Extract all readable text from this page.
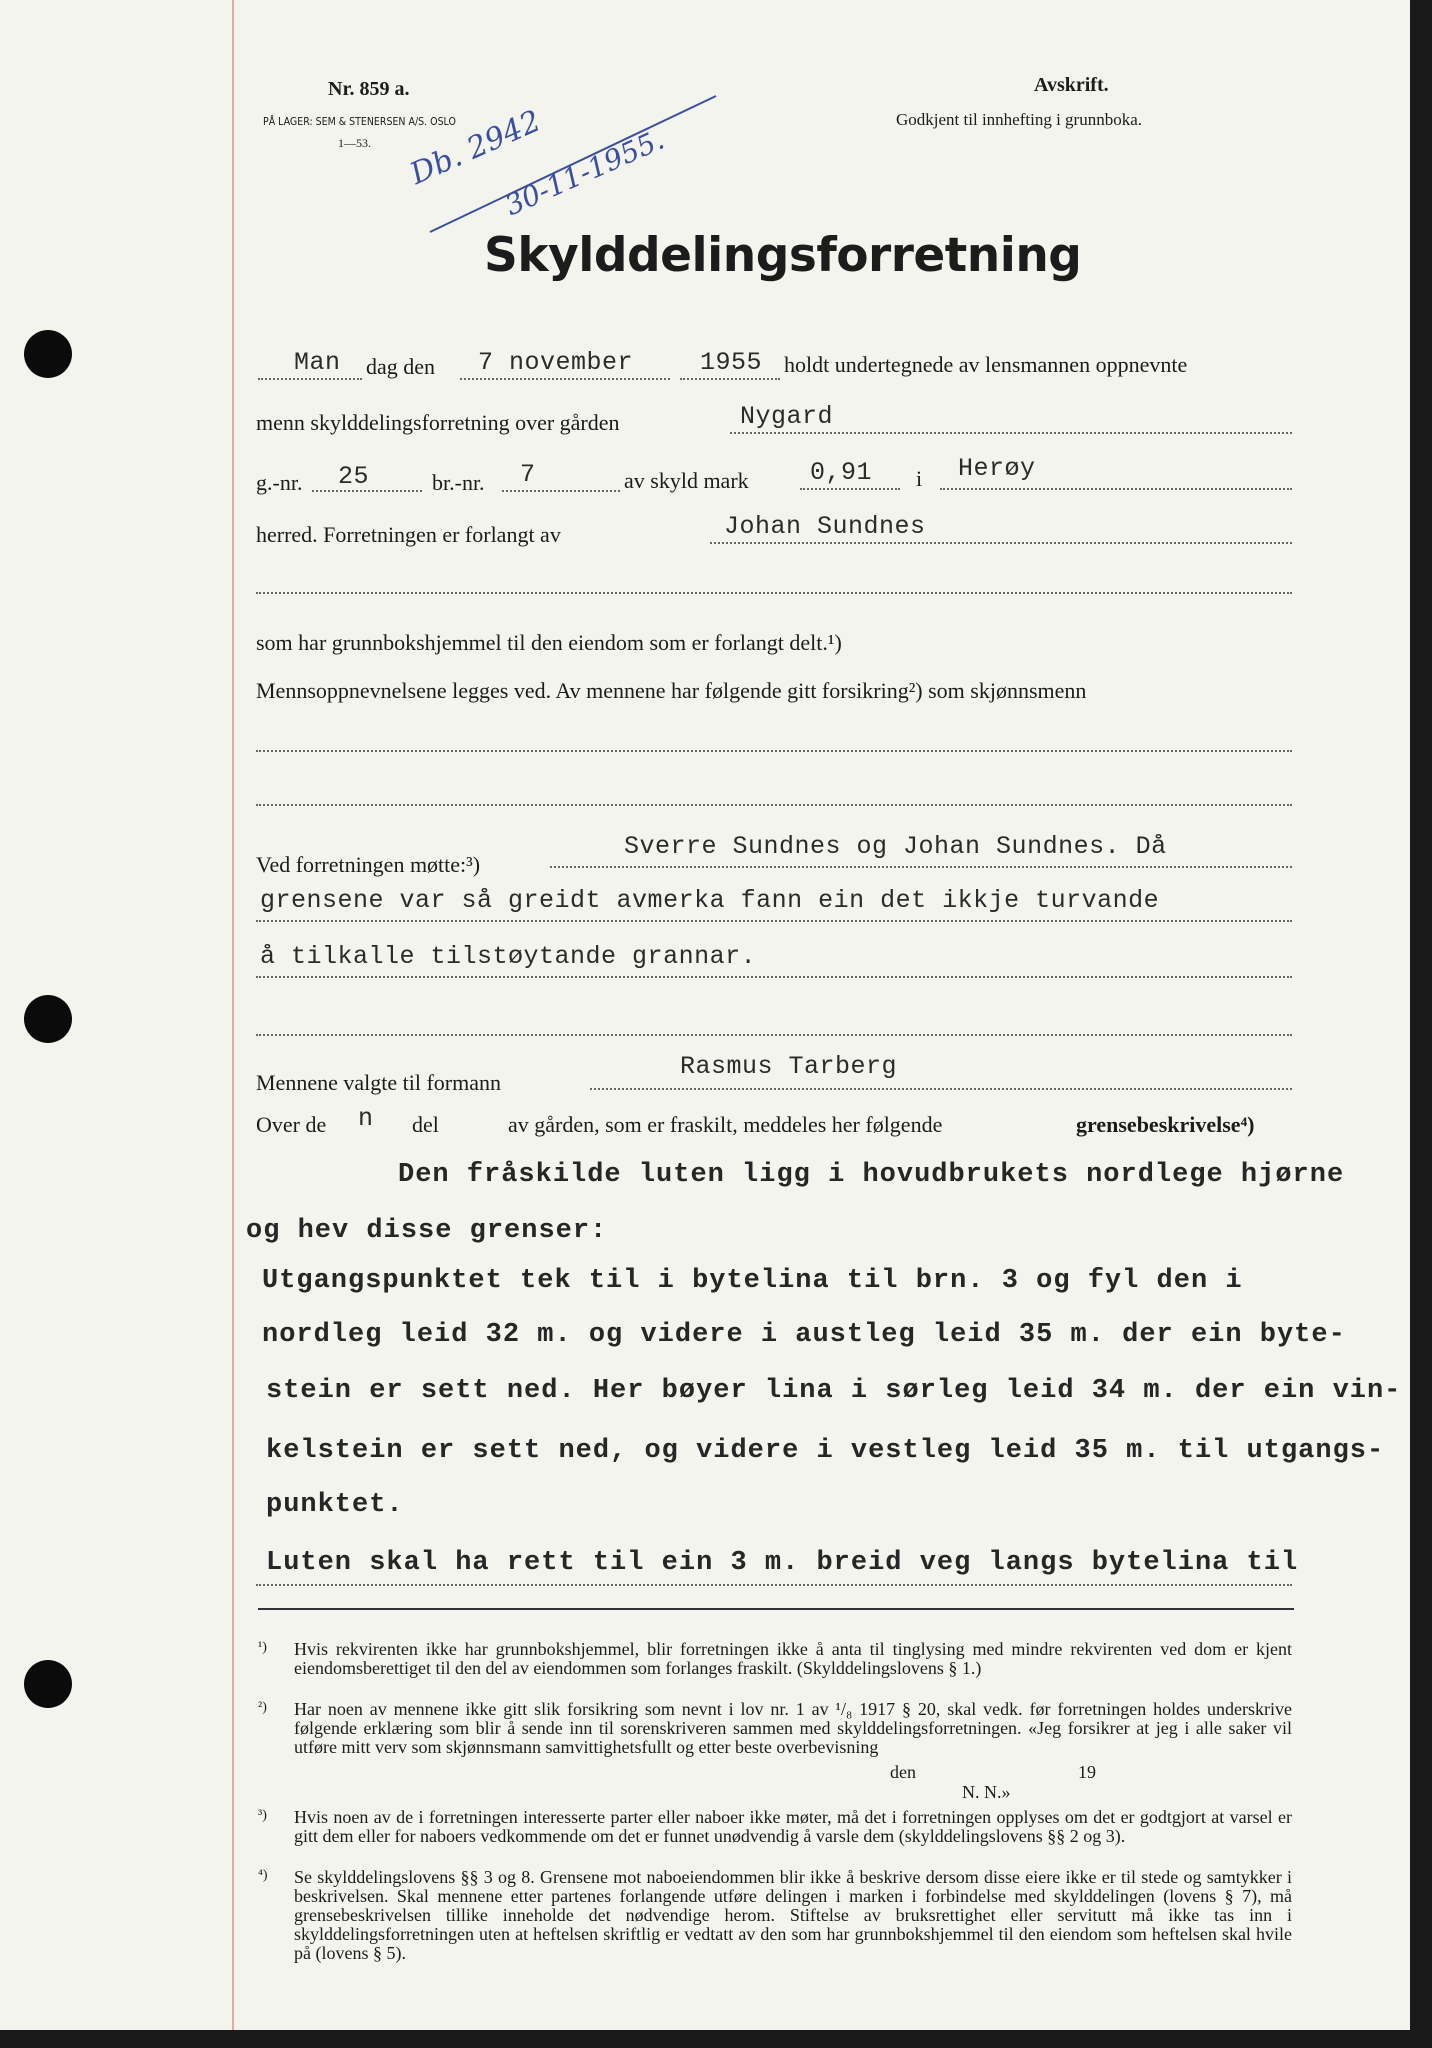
Nr. 859 a.
PÅ LAGER: SEM & STENERSEN A/S. OSLO
1—53.
Avskrift.
Godkjent til innhefting i grunnboka.
Db. 2942
30-11-1955.
Skylddelingsforretning
Man dag den 7 november	1955 holdt undertegnede av lensmannen oppnevnte
menn skylddelingsforretning over gården	Nygard
g.-nr. 25	br.-nr. 7	av skyld mark 0,91 i Herøy
herred. Forretningen er forlangt av	Johan Sundnes
som har grunnbokshjemmel til den eiendom som er forlangt delt.¹)
Mennsoppnevnelsene legges ved. Av mennene har følgende gitt forsikring²) som skjønnsmenn
Ved forretningen møtte:³)
Sverre Sundnes og Johan Sundnes. Då
grensene var så greidt avmerka fann ein det ikkje turvande
å tilkalle tilstøytande grannar.
Mennene valgte til formann
Rasmus Tarberg
Over de n del	av gården, som er fraskilt, meddeles her følgende	grensebeskrivelse⁴)
Den fråskilde luten ligg i hovudbrukets nordlege hjørne
og hev disse grenser:
Utgangspunktet tek til i bytelina til brn. 3 og fyl den i
nordleg leid 32 m. og videre i austleg leid 35 m. der ein byte-
stein er sett ned. Her bøyer lina i sørleg leid 34 m. der ein vin-
kelstein er sett ned, og videre i vestleg leid 35 m. til utgangs-
punktet.
Luten skal ha rett til ein 3 m. breid veg langs bytelina til
¹) Hvis rekvirenten ikke har grunnbokshjemmel, blir forretningen ikke å anta til tinglysing med mindre rekvirenten ved dom er kjent eiendomsberettiget til den del av eiendommen som forlanges fraskilt. (Skylddelingslovens § 1.)
²) Har noen av mennene ikke gitt slik forsikring som nevnt i lov nr. 1 av ¹/₈ 1917 § 20, skal vedk. før forretningen holdes underskrive følgende erklæring som blir å sende inn til sorenskriveren sammen med skylddelingsforretningen. «Jeg forsikrer at jeg i alle saker vil utføre mitt verv som skjønnsmann samvittighetsfullt og etter beste overbevisning
den	19
N. N.»
³) Hvis noen av de i forretningen interesserte parter eller naboer ikke møter, må det i forretningen opplyses om det er godtgjort at varsel er gitt dem eller for naboers vedkommende om det er funnet unødvendig å varsle dem (skylddelingslovens §§ 2 og 3).
⁴) Se skylddelingslovens §§ 3 og 8. Grensene mot naboeiendommen blir ikke å beskrive dersom disse eiere ikke er til stede og samtykker i beskrivelsen. Skal mennene etter partenes forlangende utføre delingen i marken i forbindelse med skylddelingen (lovens § 7), må grensebeskrivelsen tillike inneholde det nødvendige herom. Stiftelse av bruksrettighet eller servitutt må ikke tas inn i skylddelingsforretningen uten at heftelsen skriftlig er vedtatt av den som har grunnbokshjemmel til den eiendom som heftelsen skal hvile på (lovens § 5).
